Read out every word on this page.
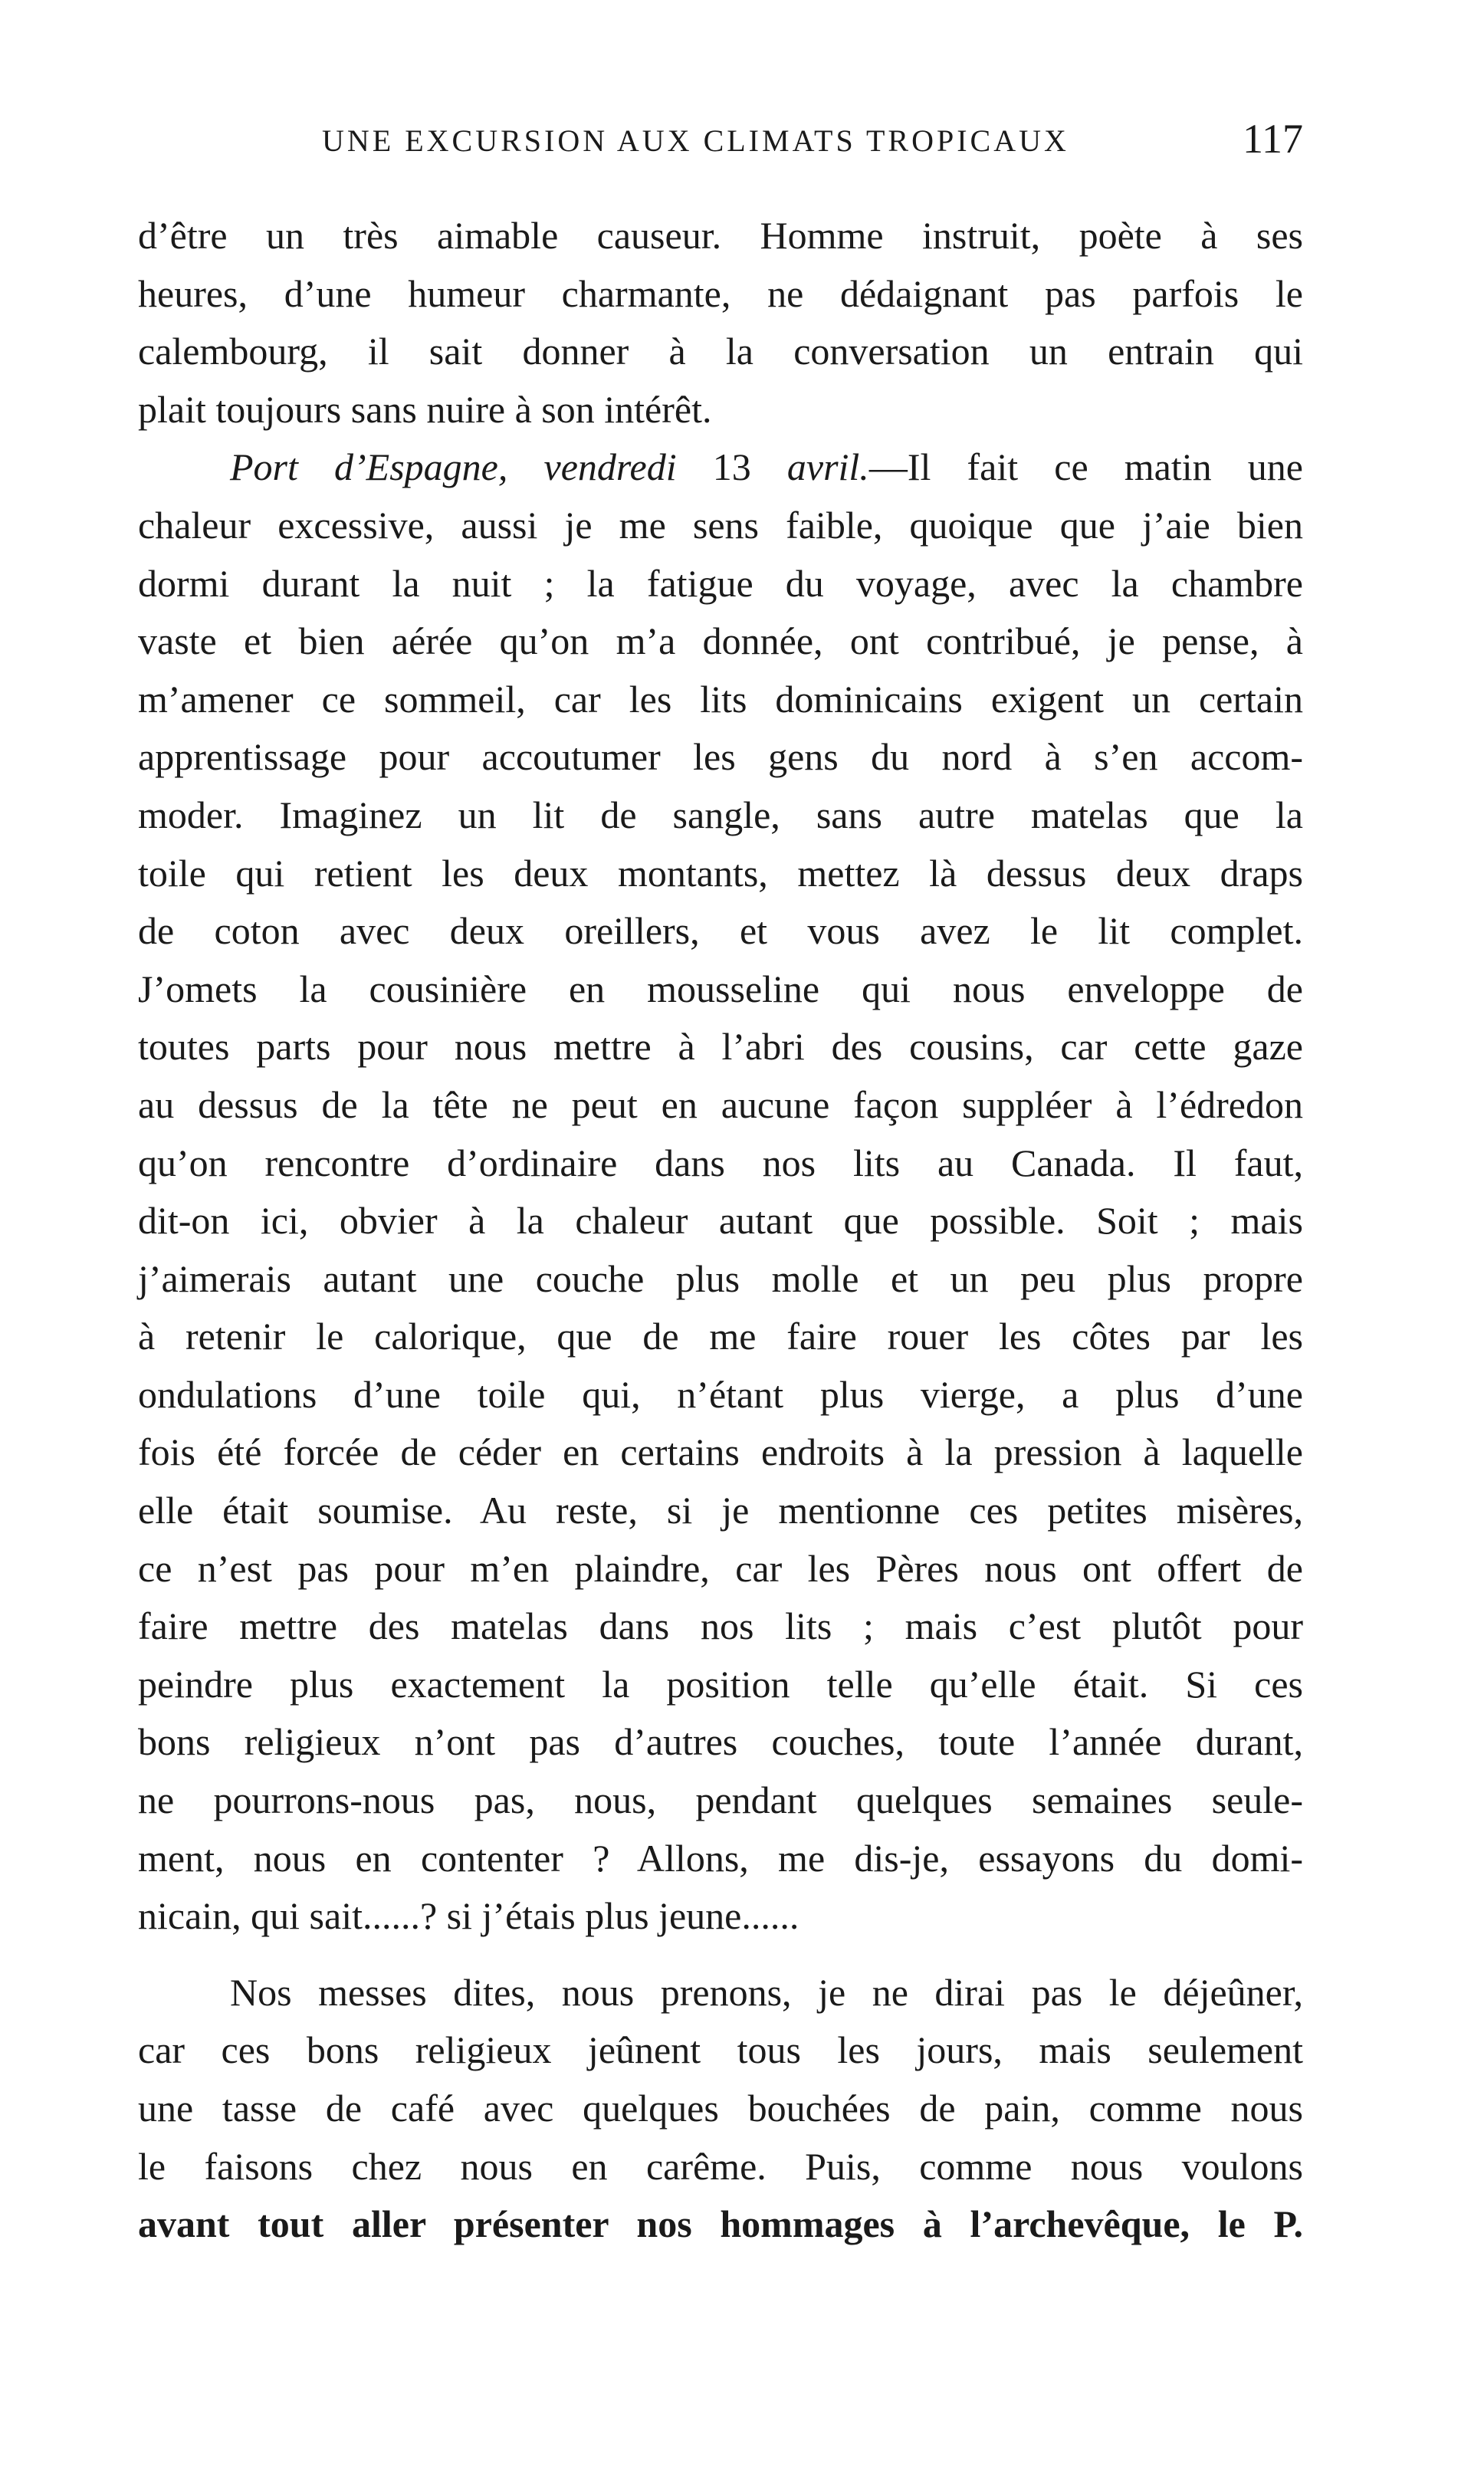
UNE EXCURSION AUX CLIMATS TROPICAUX	117
d’être un très aimable causeur. Homme instruit, poète à ses
heures, d’une humeur charmante, ne dédaignant pas parfois le
calembourg, il sait donner à la conversation un entrain qui
plait toujours sans nuire à son intérêt.
Port d’Espagne, vendredi 13 avril.—Il fait ce matin une
chaleur excessive, aussi je me sens faible, quoique que j’aie bien
dormi durant la nuit ; la fatigue du voyage, avec la chambre
vaste et bien aérée qu’on m’a donnée, ont contribué, je pense, à
m’amener ce sommeil, car les lits dominicains exigent un certain
apprentissage pour accoutumer les gens du nord à s’en accom-
moder. Imaginez un lit de sangle, sans autre matelas que la
toile qui retient les deux montants, mettez là dessus deux draps
de coton avec deux oreillers, et vous avez le lit complet.
J’omets la cousinière en mousseline qui nous enveloppe de
toutes parts pour nous mettre à l’abri des cousins, car cette gaze
au dessus de la tête ne peut en aucune façon suppléer à l’édredon
qu’on rencontre d’ordinaire dans nos lits au Canada. Il faut,
dit-on ici, obvier à la chaleur autant que possible. Soit ; mais
j’aimerais autant une couche plus molle et un peu plus propre
à retenir le calorique, que de me faire rouer les côtes par les
ondulations d’une toile qui, n’étant plus vierge, a plus d’une
fois été forcée de céder en certains endroits à la pression à laquelle
elle était soumise. Au reste, si je mentionne ces petites misères,
ce n’est pas pour m’en plaindre, car les Pères nous ont offert de
faire mettre des matelas dans nos lits ; mais c’est plutôt pour
peindre plus exactement la position telle qu’elle était. Si ces
bons religieux n’ont pas d’autres couches, toute l’année durant,
ne pourrons-nous pas, nous, pendant quelques semaines seule-
ment, nous en contenter ? Allons, me dis-je, essayons du domi-
nicain, qui sait......? si j’étais plus jeune......
Nos messes dites, nous prenons, je ne dirai pas le déjeûner,
car ces bons religieux jeûnent tous les jours, mais seulement
une tasse de café avec quelques bouchées de pain, comme nous
le faisons chez nous en carême. Puis, comme nous voulons
avant tout aller présenter nos hommages à l’archevêque, le P.
